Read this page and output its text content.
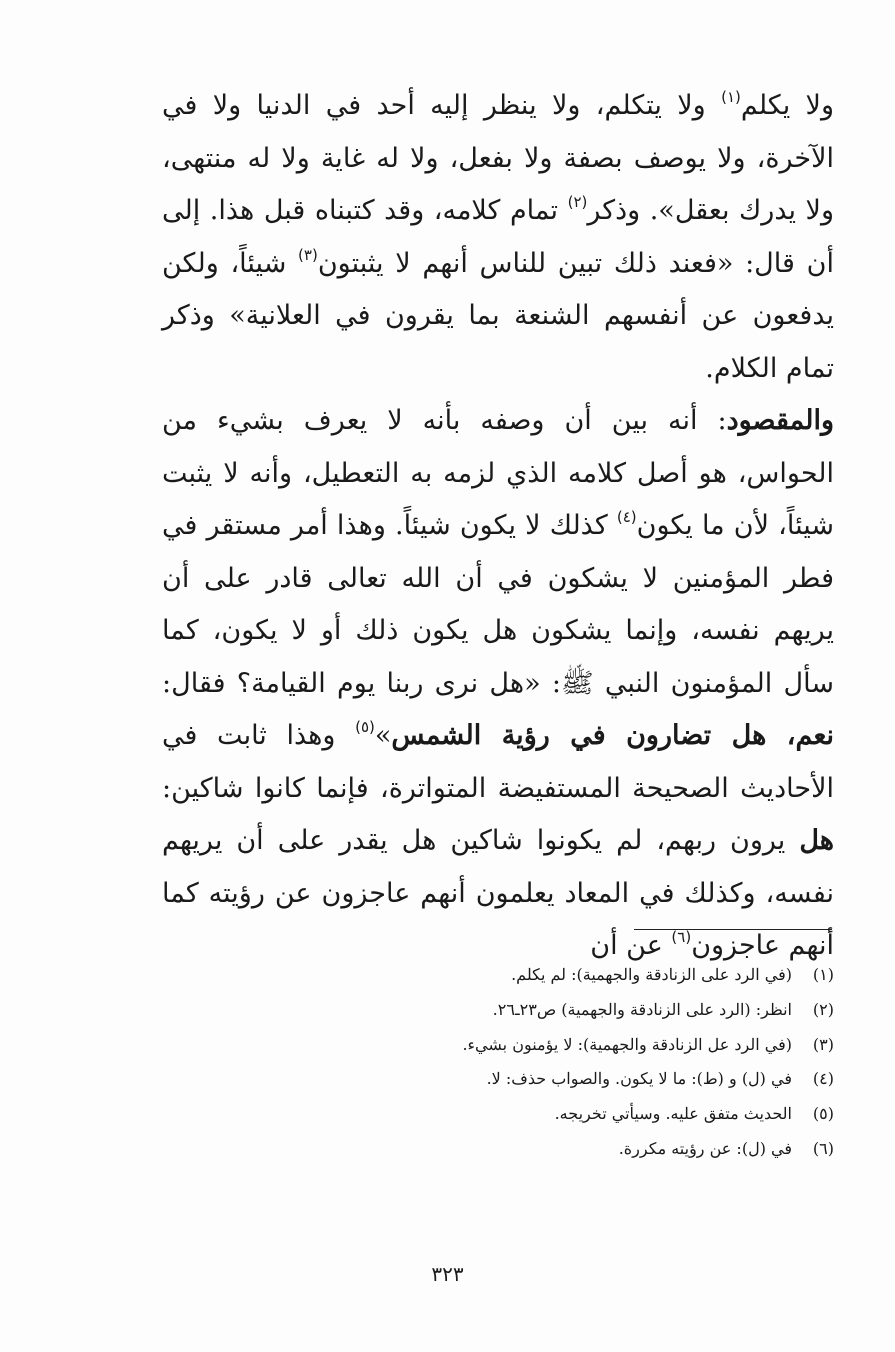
ولا يكلم$^{(١)}$ ولا يتكلم، ولا ينظر إليه أحد في الدنيا ولا في الآخرة، ولا يوصف بصفة ولا بفعل، ولا له غاية ولا له منتهى، ولا يدرك بعقل». وذكر$^{(٢)}$ تمام كلامه، وقد كتبناه قبل هذا. إلى أن قال: «فعند ذلك تبين للناس أنهم لا يثبتون$^{(٣)}$ شيئاً، ولكن يدفعون عن أنفسهم الشنعة بما يقرون في العلانية» وذكر تمام الكلام.

والمقصود: أنه بين أن وصفه بأنه لا يعرف بشيء من الحواس، هو أصل كلامه الذي لزمه به التعطيل، وأنه لا يثبت شيئاً، لأن ما يكون$^{(٤)}$ كذلك لا يكون شيئاً. وهذا أمر مستقر في فطر المؤمنين لا يشكون في أن الله تعالى قادر على أن يريهم نفسه، وإنما يشكون هل يكون ذلك أو لا يكون، كما سأل المؤمنون النبي ﷺ: «هل نرى ربنا يوم القيامة؟ فقال: نعم، هل تضارون في رؤية الشمس»$^{(٥)}$ وهذا ثابت في الأحاديث الصحيحة المستفيضة المتواترة، فإنما كانوا شاكين: هل يرون ربهم، لم يكونوا شاكين هل يقدر على أن يريهم نفسه، وكذلك في المعاد يعلمون أنهم عاجزون عن رؤيته كما أنهم عاجزون$^{(٦)}$ عن أن

(١)
(في الرد على الزنادقة والجهمية): لم يكلم.
(٢)
انظر: (الرد على الزنادقة والجهمية) ص٢٣ـ٢٦.
(٣)
(في الرد عل الزنادقة والجهمية): لا يؤمنون بشيء.
(٤)
في (ل) و (ط): ما لا يكون. والصواب حذف: لا.
(٥)
الحديث متفق عليه. وسيأتي تخريجه.
(٦)
في (ل): عن رؤيته مكررة.
٣٢٣
